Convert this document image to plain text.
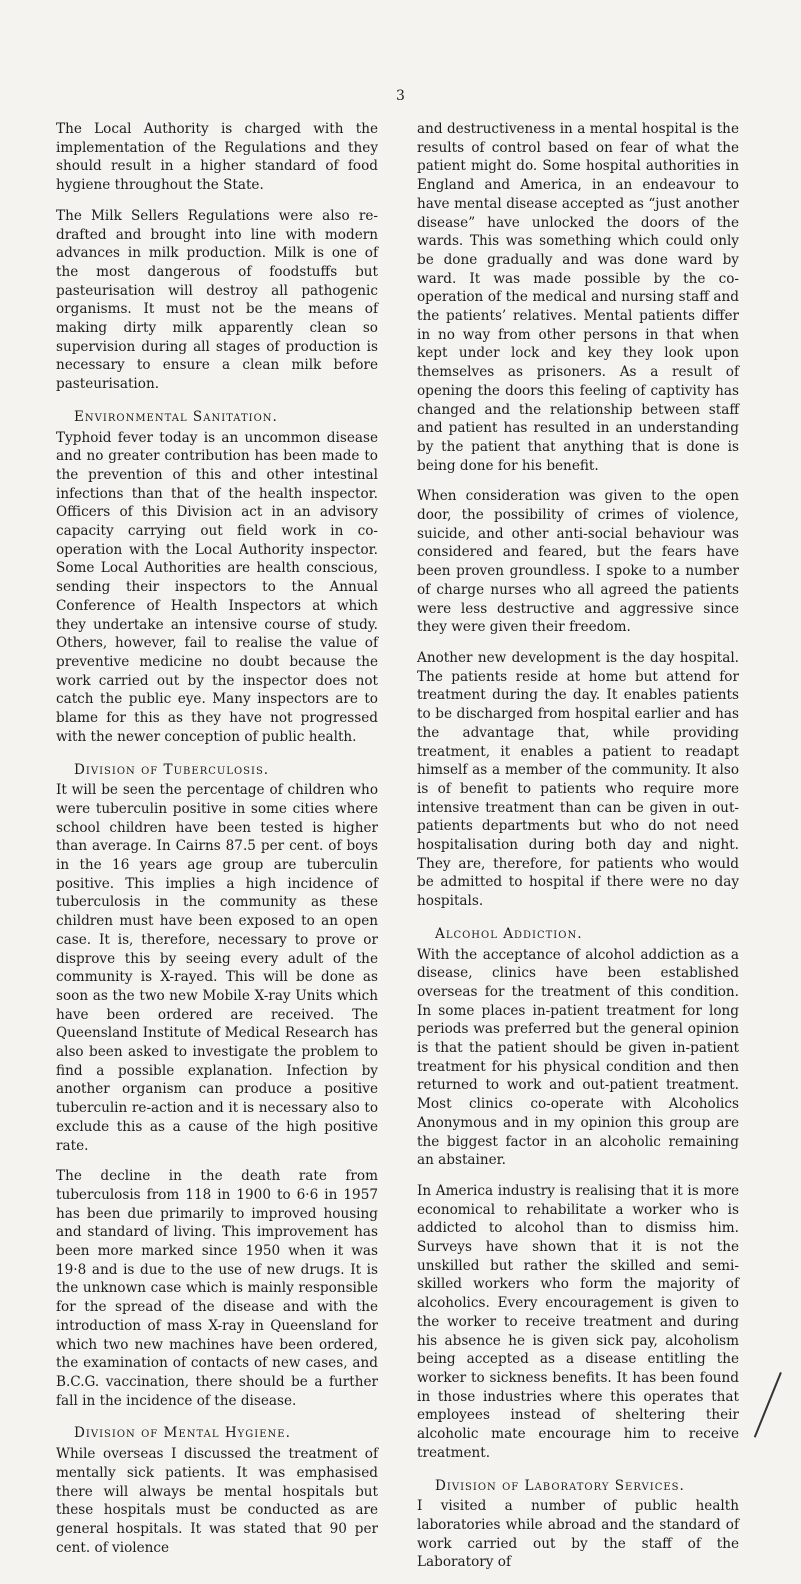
3

The Local Authority is charged with the implementation of the Regulations and they should result in a higher standard of food hygiene throughout the State.

The Milk Sellers Regulations were also re-drafted and brought into line with modern advances in milk production. Milk is one of the most dangerous of foodstuffs but pasteurisation will destroy all pathogenic organisms. It must not be the means of making dirty milk apparently clean so supervision during all stages of production is necessary to ensure a clean milk before pasteurisation.

Environmental Sanitation.

Typhoid fever today is an uncommon disease and no greater contribution has been made to the prevention of this and other intestinal infections than that of the health inspector. Officers of this Division act in an advisory capacity carrying out field work in co-operation with the Local Authority inspector. Some Local Authorities are health conscious, sending their inspectors to the Annual Conference of Health Inspectors at which they undertake an intensive course of study. Others, however, fail to realise the value of preventive medicine no doubt because the work carried out by the inspector does not catch the public eye. Many inspectors are to blame for this as they have not progressed with the newer conception of public health.

Division of Tuberculosis.

It will be seen the percentage of children who were tuberculin positive in some cities where school children have been tested is higher than average. In Cairns 87.5 per cent. of boys in the 16 years age group are tuberculin positive. This implies a high incidence of tuberculosis in the community as these children must have been exposed to an open case. It is, therefore, necessary to prove or disprove this by seeing every adult of the community is X-rayed. This will be done as soon as the two new Mobile X-ray Units which have been ordered are received. The Queensland Institute of Medical Research has also been asked to investigate the problem to find a possible explanation. Infection by another organism can produce a positive tuberculin re-action and it is necessary also to exclude this as a cause of the high positive rate.

The decline in the death rate from tuberculosis from 118 in 1900 to 6·6 in 1957 has been due primarily to improved housing and standard of living. This improvement has been more marked since 1950 when it was 19·8 and is due to the use of new drugs. It is the unknown case which is mainly responsible for the spread of the disease and with the introduction of mass X-ray in Queensland for which two new machines have been ordered, the examination of contacts of new cases, and B.C.G. vaccination, there should be a further fall in the incidence of the disease.

Division of Mental Hygiene.

While overseas I discussed the treatment of mentally sick patients. It was emphasised there will always be mental hospitals but these hospitals must be conducted as are general hospitals. It was stated that 90 per cent. of violence

and destructiveness in a mental hospital is the results of control based on fear of what the patient might do. Some hospital authorities in England and America, in an endeavour to have mental disease accepted as “just another disease” have unlocked the doors of the wards. This was something which could only be done gradually and was done ward by ward. It was made possible by the co-operation of the medical and nursing staff and the patients’ relatives. Mental patients differ in no way from other persons in that when kept under lock and key they look upon themselves as prisoners. As a result of opening the doors this feeling of captivity has changed and the relationship between staff and patient has resulted in an understanding by the patient that anything that is done is being done for his benefit.

When consideration was given to the open door, the possibility of crimes of violence, suicide, and other anti-social behaviour was considered and feared, but the fears have been proven groundless. I spoke to a number of charge nurses who all agreed the patients were less destructive and aggressive since they were given their freedom.

Another new development is the day hospital. The patients reside at home but attend for treatment during the day. It enables patients to be discharged from hospital earlier and has the advantage that, while providing treatment, it enables a patient to readapt himself as a member of the community. It also is of benefit to patients who require more intensive treatment than can be given in out-patients departments but who do not need hospitalisation during both day and night. They are, therefore, for patients who would be admitted to hospital if there were no day hospitals.

Alcohol Addiction.

With the acceptance of alcohol addiction as a disease, clinics have been established overseas for the treatment of this condition. In some places in-patient treatment for long periods was preferred but the general opinion is that the patient should be given in-patient treatment for his physical condition and then returned to work and out-patient treatment. Most clinics co-operate with Alcoholics Anonymous and in my opinion this group are the biggest factor in an alcoholic remaining an abstainer.

In America industry is realising that it is more economical to rehabilitate a worker who is addicted to alcohol than to dismiss him. Surveys have shown that it is not the unskilled but rather the skilled and semi-skilled workers who form the majority of alcoholics. Every encouragement is given to the worker to receive treatment and during his absence he is given sick pay, alcoholism being accepted as a disease entitling the worker to sickness benefits. It has been found in those industries where this operates that employees instead of sheltering their alcoholic mate encourage him to receive treatment.

Division of Laboratory Services.

I visited a number of public health laboratories while abroad and the standard of work carried out by the staff of the Laboratory of
